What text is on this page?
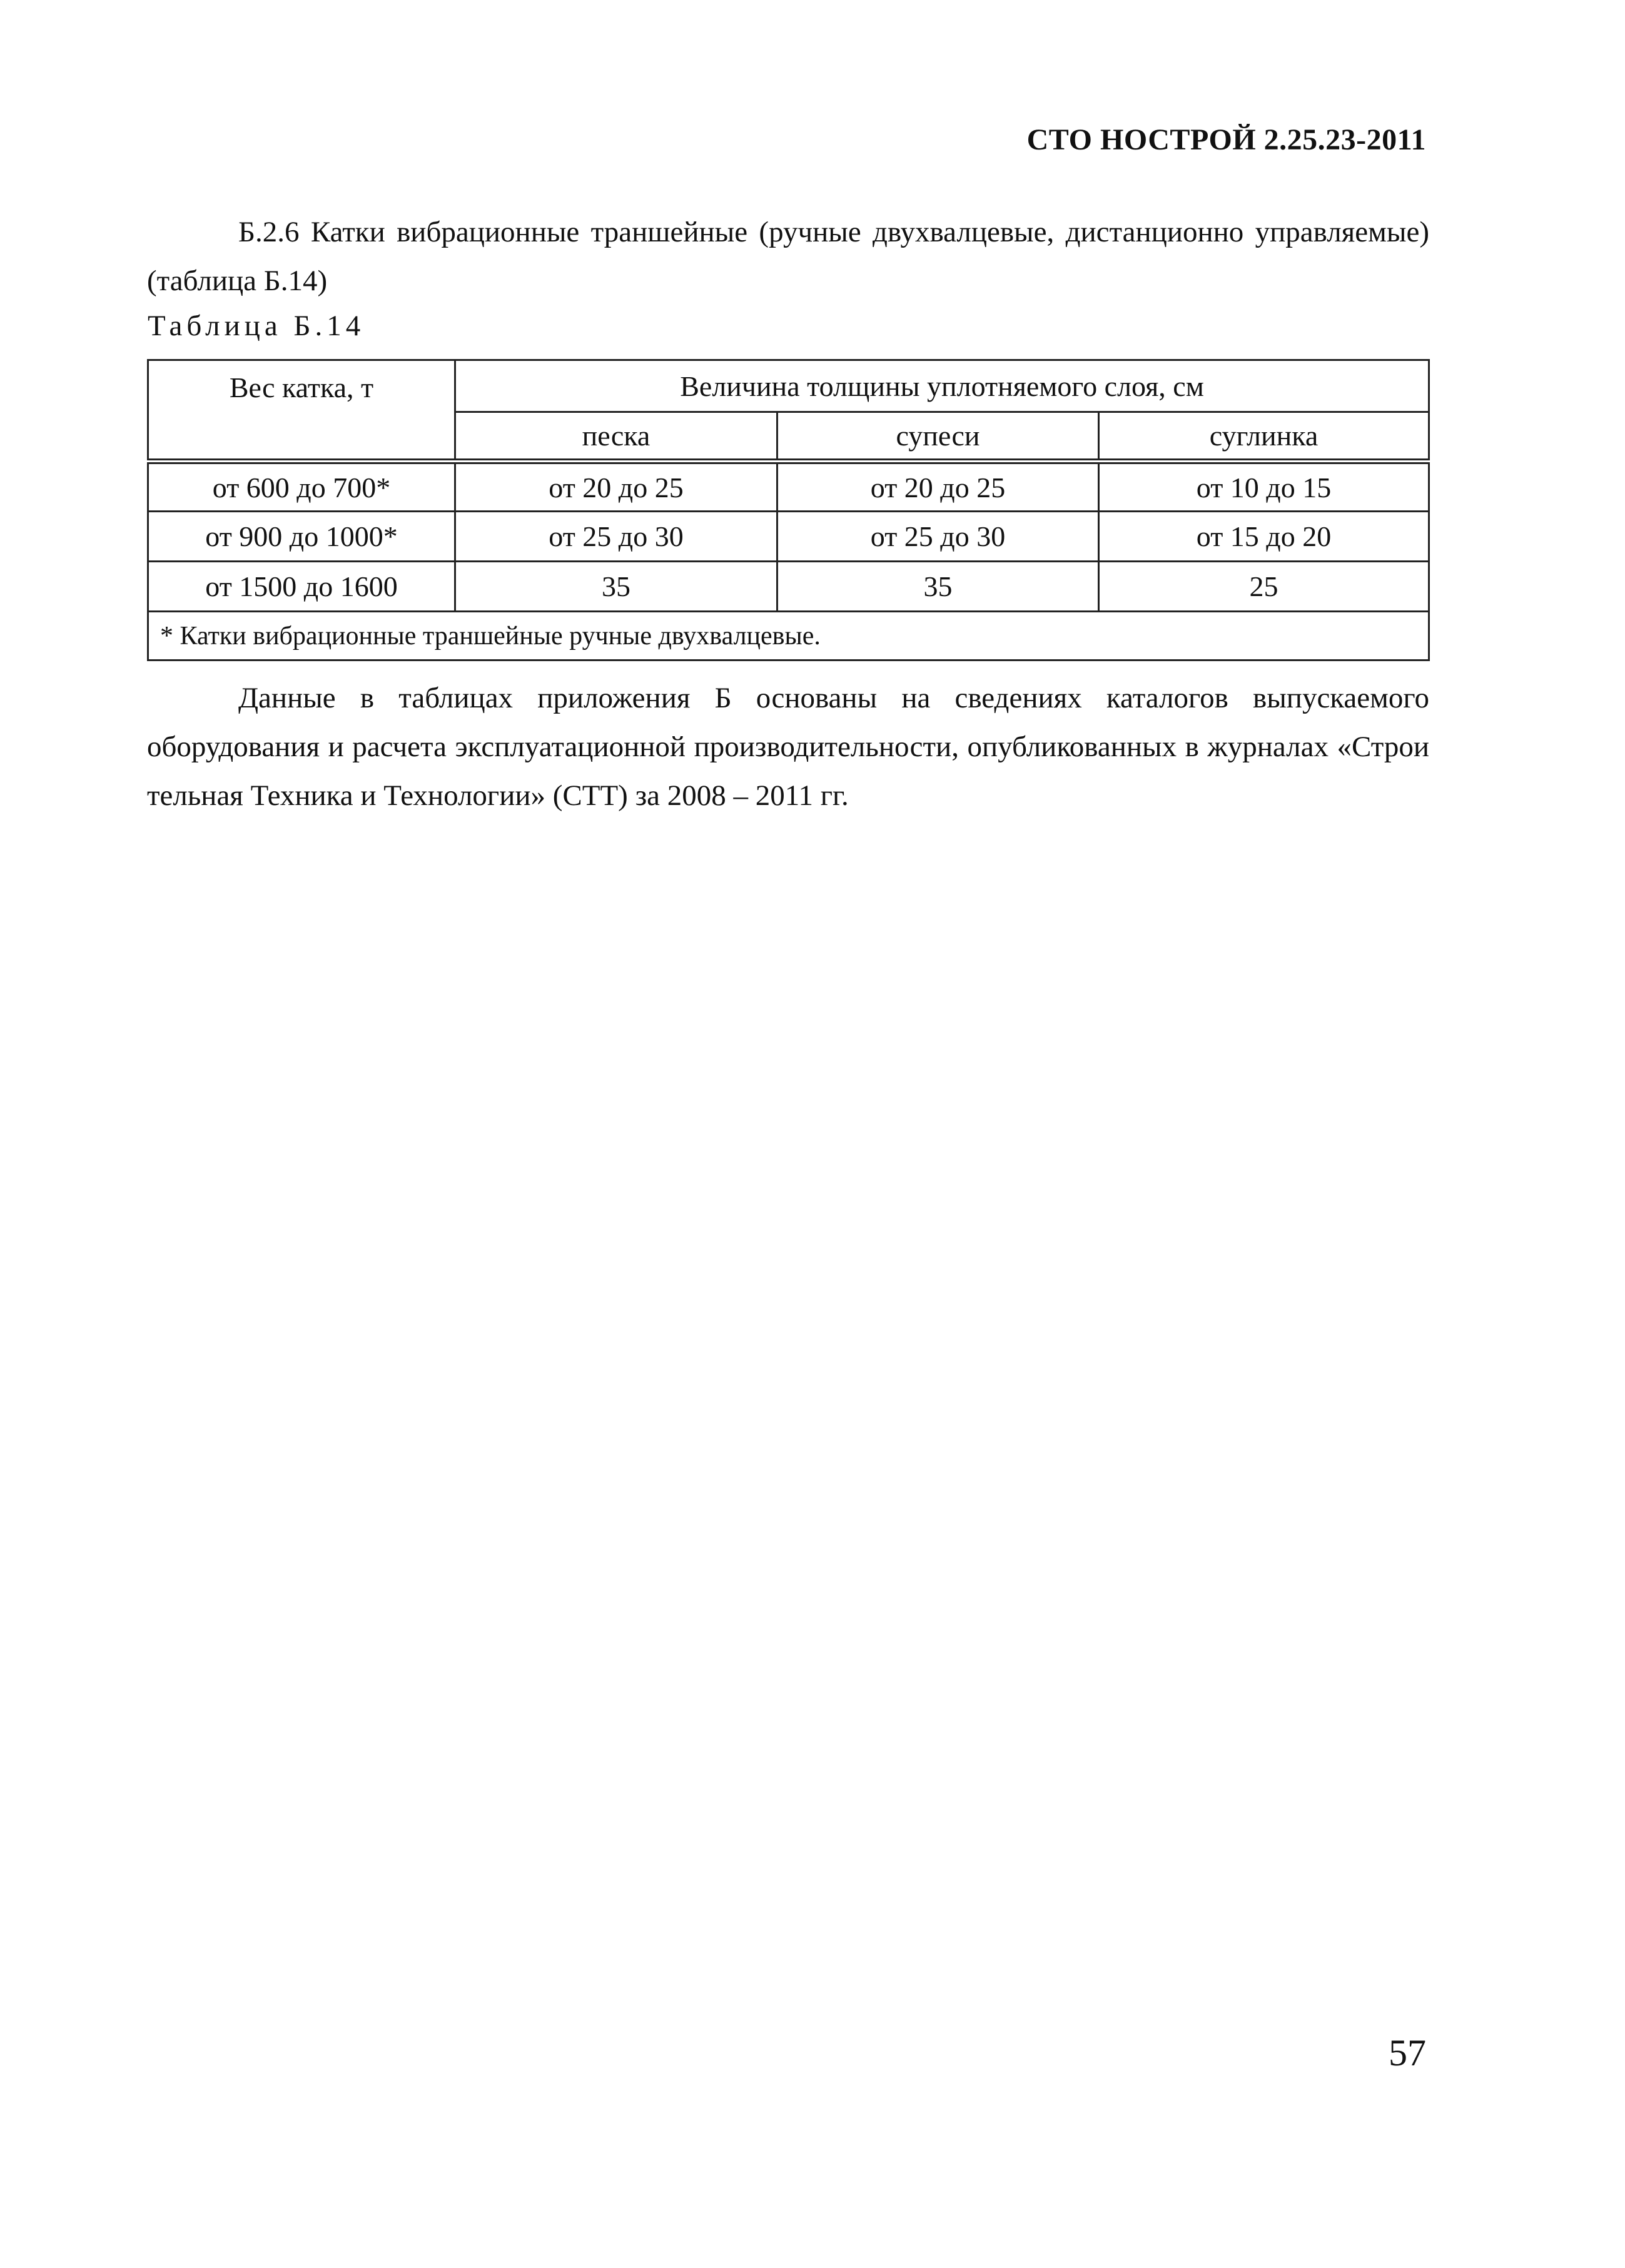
СТО НОСТРОЙ 2.25.23-2011
Б.2.6 Катки вибрационные траншейные (ручные двухвалцевые, дистанционно управляемые) (таблица Б.14)
Таблица Б.14
Вес катка, т	Величина толщины уплотняемого слоя, см		
	песка	супеси	суглинка
от 600 до 700*	от 20 до 25	от 20 до 25	от 10 до 15
от 900 до 1000*	от 25 до 30	от 25 до 30	от 15 до 20
от 1500 до 1600	35	35	25
* Катки вибрационные траншейные ручные двухвалцевые.			
Данные в таблицах приложения Б основаны на сведениях каталогов выпускаемого оборудования и расчета эксплуатационной производительности, опубликованных в журналах «Строи тельная Техника и Технологии» (СТТ) за 2008 – 2011 гг.
57
